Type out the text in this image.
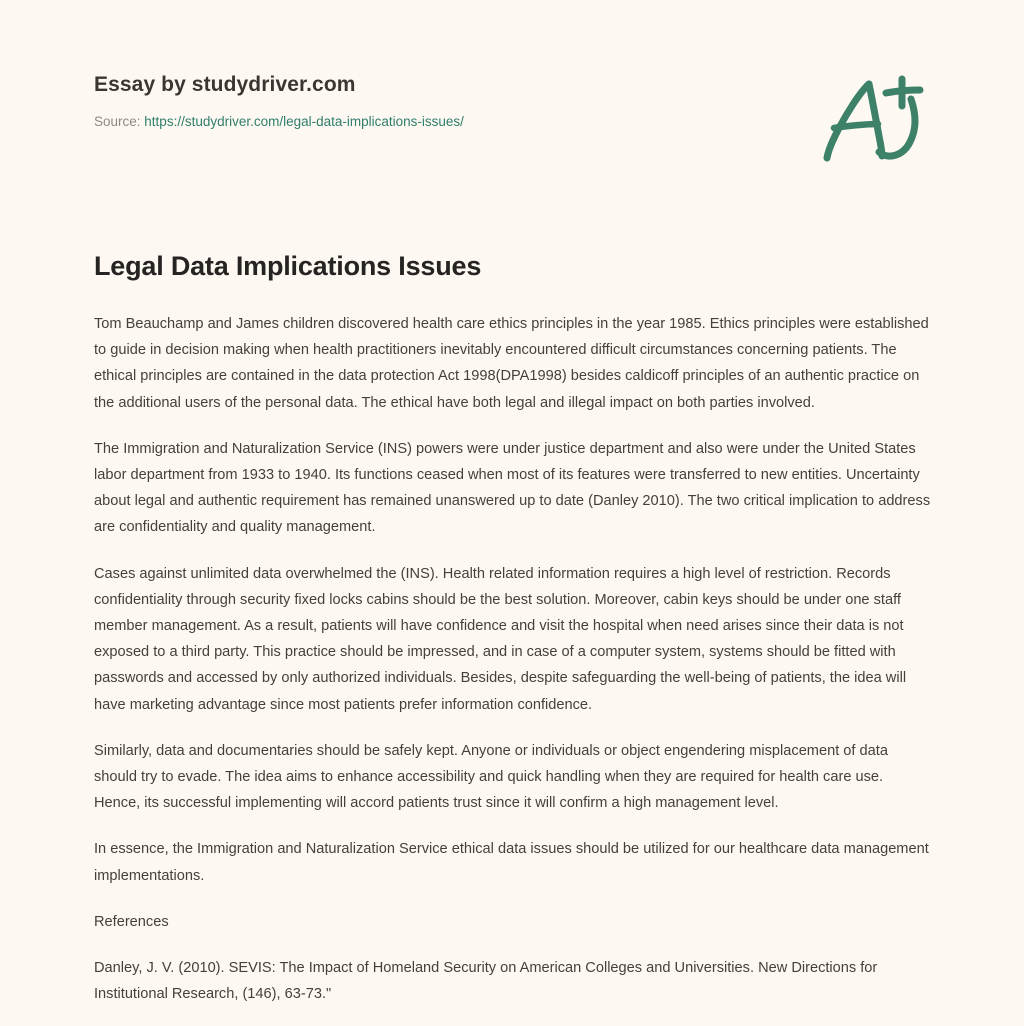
Essay by studydriver.com
Source: https://studydriver.com/legal-data-implications-issues/
Legal Data Implications Issues

Tom Beauchamp and James children discovered health care ethics principles in the year 1985. Ethics principles were established to guide in decision making when health practitioners inevitably encountered difficult circumstances concerning patients. The ethical principles are contained in the data protection Act 1998(DPA1998) besides caldicoff principles of an authentic practice on the additional users of the personal data. The ethical have both legal and illegal impact on both parties involved.

The Immigration and Naturalization Service (INS) powers were under justice department and also were under the United States labor department from 1933 to 1940. Its functions ceased when most of its features were transferred to new entities. Uncertainty about legal and authentic requirement has remained unanswered up to date (Danley 2010). The two critical implication to address are confidentiality and quality management.

Cases against unlimited data overwhelmed the (INS). Health related information requires a high level of restriction. Records confidentiality through security fixed locks cabins should be the best solution. Moreover, cabin keys should be under one staff member management. As a result, patients will have confidence and visit the hospital when need arises since their data is not exposed to a third party. This practice should be impressed, and in case of a computer system, systems should be fitted with passwords and accessed by only authorized individuals. Besides, despite safeguarding the well-being of patients, the idea will have marketing advantage since most patients prefer information confidence.

Similarly, data and documentaries should be safely kept. Anyone or individuals or object engendering misplacement of data should try to evade. The idea aims to enhance accessibility and quick handling when they are required for health care use. Hence, its successful implementing will accord patients trust since it will confirm a high management level.

In essence, the Immigration and Naturalization Service ethical data issues should be utilized for our healthcare data management implementations.

References

Danley, J. V. (2010). SEVIS: The Impact of Homeland Security on American Colleges and Universities. New Directions for Institutional Research, (146), 63-73."
